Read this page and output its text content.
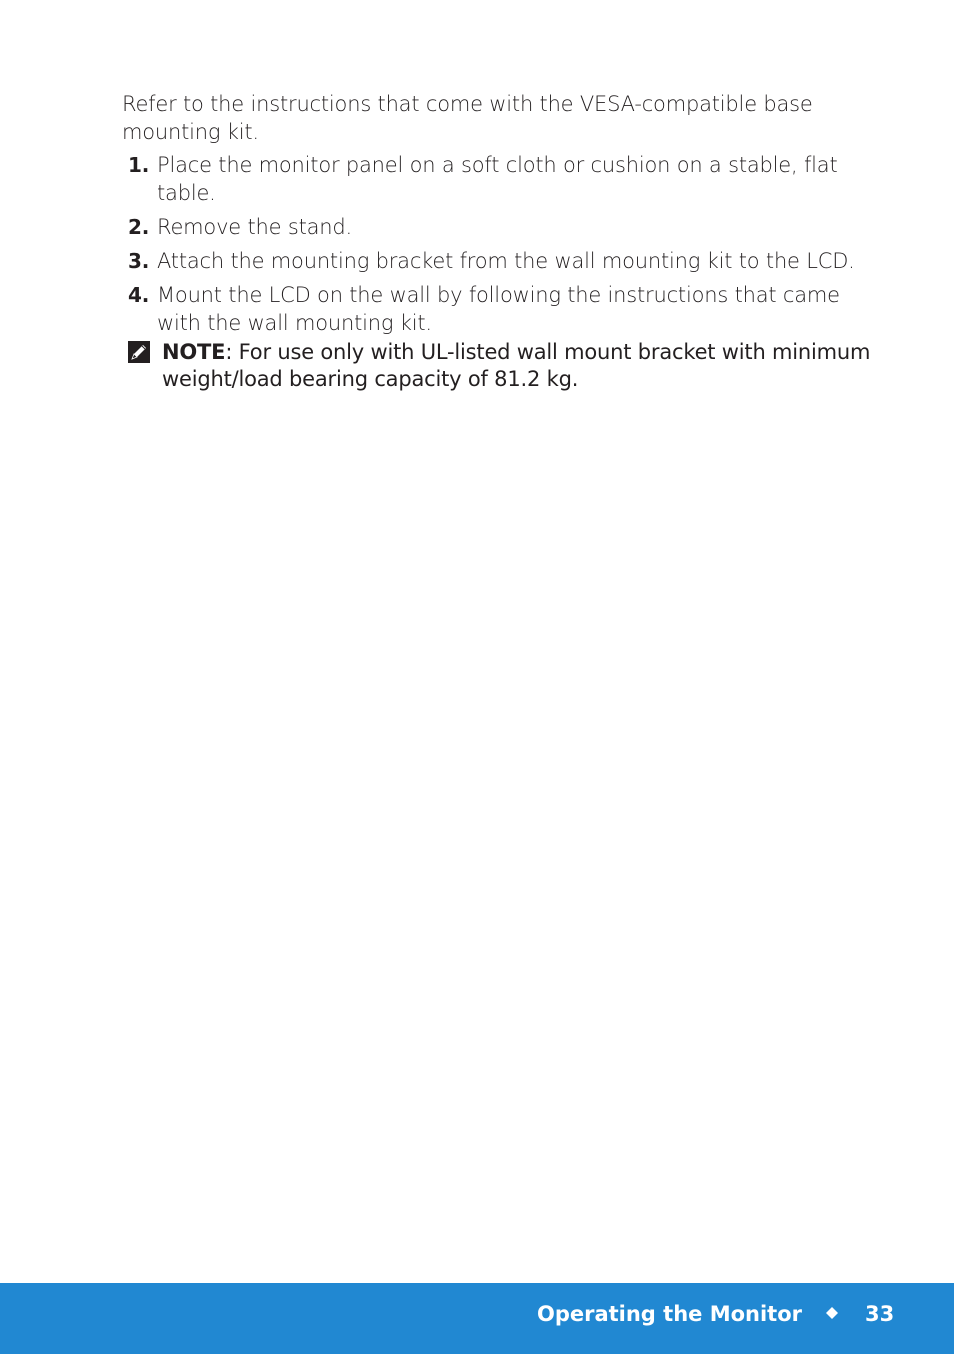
Refer to the instructions that come with the VESA-compatible base mounting kit.

1. Place the monitor panel on a soft cloth or cushion on a stable, flat table.
2. Remove the stand.
3. Attach the mounting bracket from the wall mounting kit to the LCD.
4. Mount the LCD on the wall by following the instructions that came with the wall mounting kit.
NOTE: For use only with UL-listed wall mount bracket with minimum weight/load bearing capacity of 81.2 kg.
Operating the Monitor	33
